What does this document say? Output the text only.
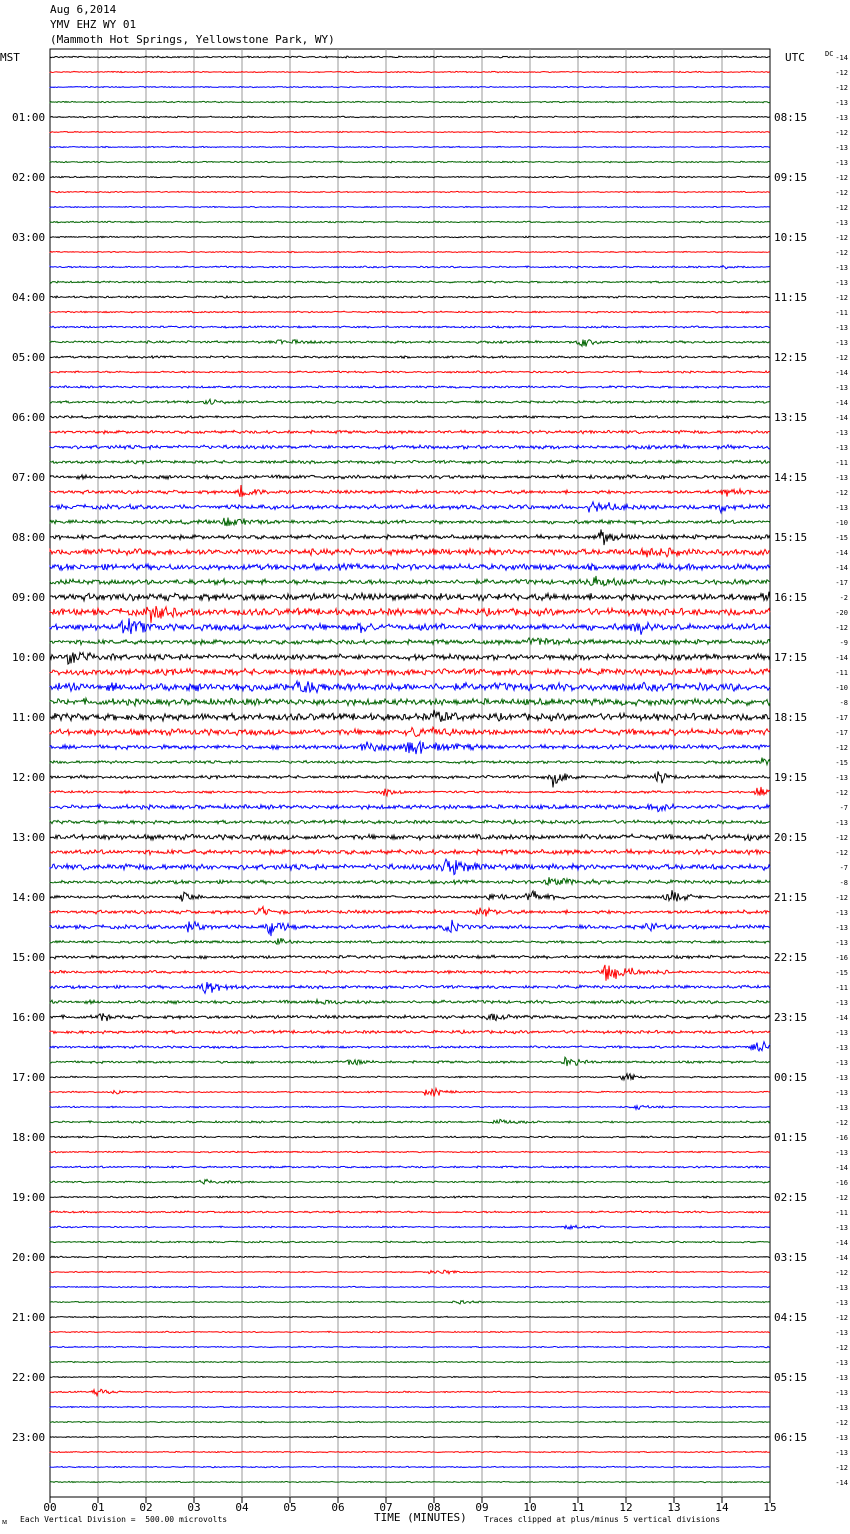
Aug 6,2014
YMV EHZ WY 01
(Mammoth Hot Springs, Yellowstone Park, WY)
MST
01:00
02:00
03:00
04:00
05:00
06:00
07:00
08:00
09:00
10:00
11:00
12:00
13:00
14:00
15:00
16:00
17:00
18:00
19:00
20:00
21:00
22:00
23:00
UTC
08:15
09:15
10:15
11:15
12:15
13:15
14:15
15:15
16:15
17:15
18:15
19:15
20:15
21:15
22:15
23:15
00:15
01:15
02:15
03:15
04:15
05:15
06:15
DC -14
-12
-12
-13
-13
-12
-13
-13
-12
-12
-12
-13
-12
-12
-13
-13
-12
-11
-13
-13
-12
-14
-13
-14
-14
-13
-13
-11
-13
-12
-13
-10
-15
-14
-14
-17
-2
-20
-12
-9
-14
-11
-10
-8
-17
-17
-12
-15
-13
-12
-7
-13
-12
-12
-7
-8
-12
-13
-13
-13
-16
-15
-11
-13
-14
-13
-13
-13
-13
-13
-13
-12
-16
-13
-14
-16
-12
-11
-13
-14
-14
-12
-13
-13
-12
-13
-12
-13
-13
-13
-13
-12
-13
-13
-12
-14
00	01	02	03	04	05	06	07	08	09	10	11	12	13	14	15
ᴍ Each Vertical Division =  500.00 microvolts	TIME (MINUTES) Traces clipped at plus/minus 5 vertical divisions
